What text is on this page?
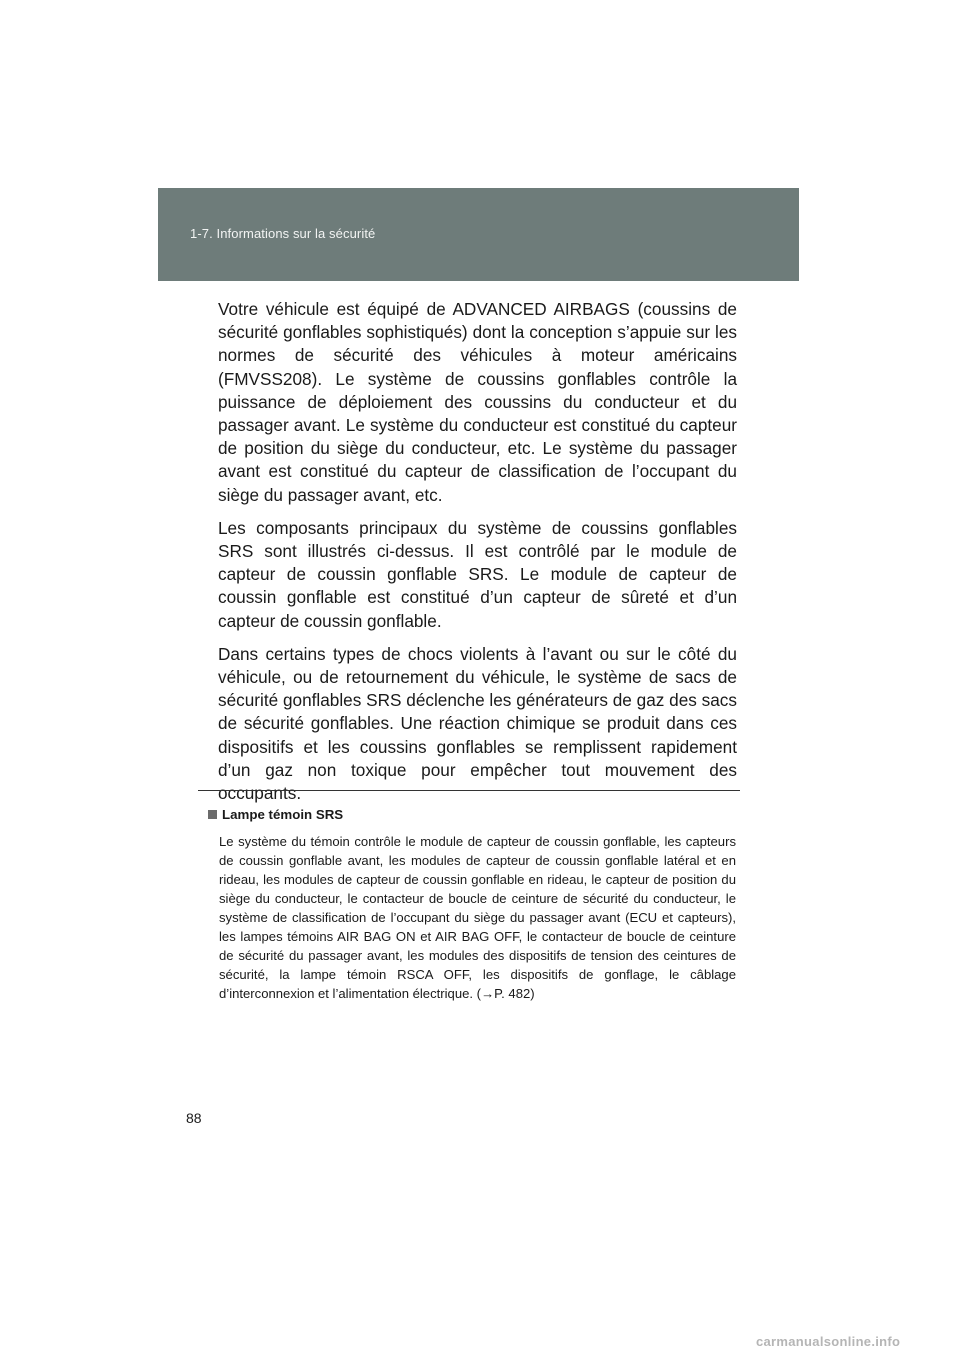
1-7. Informations sur la sécurité

Votre véhicule est équipé de ADVANCED AIRBAGS (coussins de sécurité gonflables sophistiqués) dont la conception s’appuie sur les normes de sécurité des véhicules à moteur américains (FMVSS208). Le système de coussins gonflables contrôle la puissance de déploiement des coussins du conducteur et du passager avant. Le système du conducteur est constitué du capteur de position du siège du conducteur, etc. Le système du passager avant est constitué du capteur de classification de l’occupant du siège du passager avant, etc.

Les composants principaux du système de coussins gonflables SRS sont illustrés ci-dessus. Il est contrôlé par le module de capteur de coussin gonflable SRS. Le module de capteur de coussin gonflable est constitué d’un capteur de sûreté et d’un capteur de coussin gonflable.

Dans certains types de chocs violents à l’avant ou sur le côté du véhicule, ou de retournement du véhicule, le système de sacs de sécurité gonflables SRS déclenche les générateurs de gaz des sacs de sécurité gonflables. Une réaction chimique se produit dans ces dispositifs et les coussins gonflables se remplissent rapidement d’un gaz non toxique pour empêcher tout mouvement des occupants.

Lampe témoin SRS

Le système du témoin contrôle le module de capteur de coussin gonflable, les capteurs de coussin gonflable avant, les modules de capteur de coussin gonflable latéral et en rideau, les modules de capteur de coussin gonflable en rideau, le capteur de position du siège du conducteur, le contacteur de boucle de ceinture de sécurité du conducteur, le système de classification de l’occupant du siège du passager avant (ECU et capteurs), les lampes témoins AIR BAG ON et AIR BAG OFF, le contacteur de boucle de ceinture de sécurité du passager avant, les modules des dispositifs de tension des ceintures de sécurité, la lampe témoin RSCA OFF, les dispositifs de gonflage, le câblage d’interconnexion et l’alimentation électrique. (→P. 482)

88
carmanualsonline.info
